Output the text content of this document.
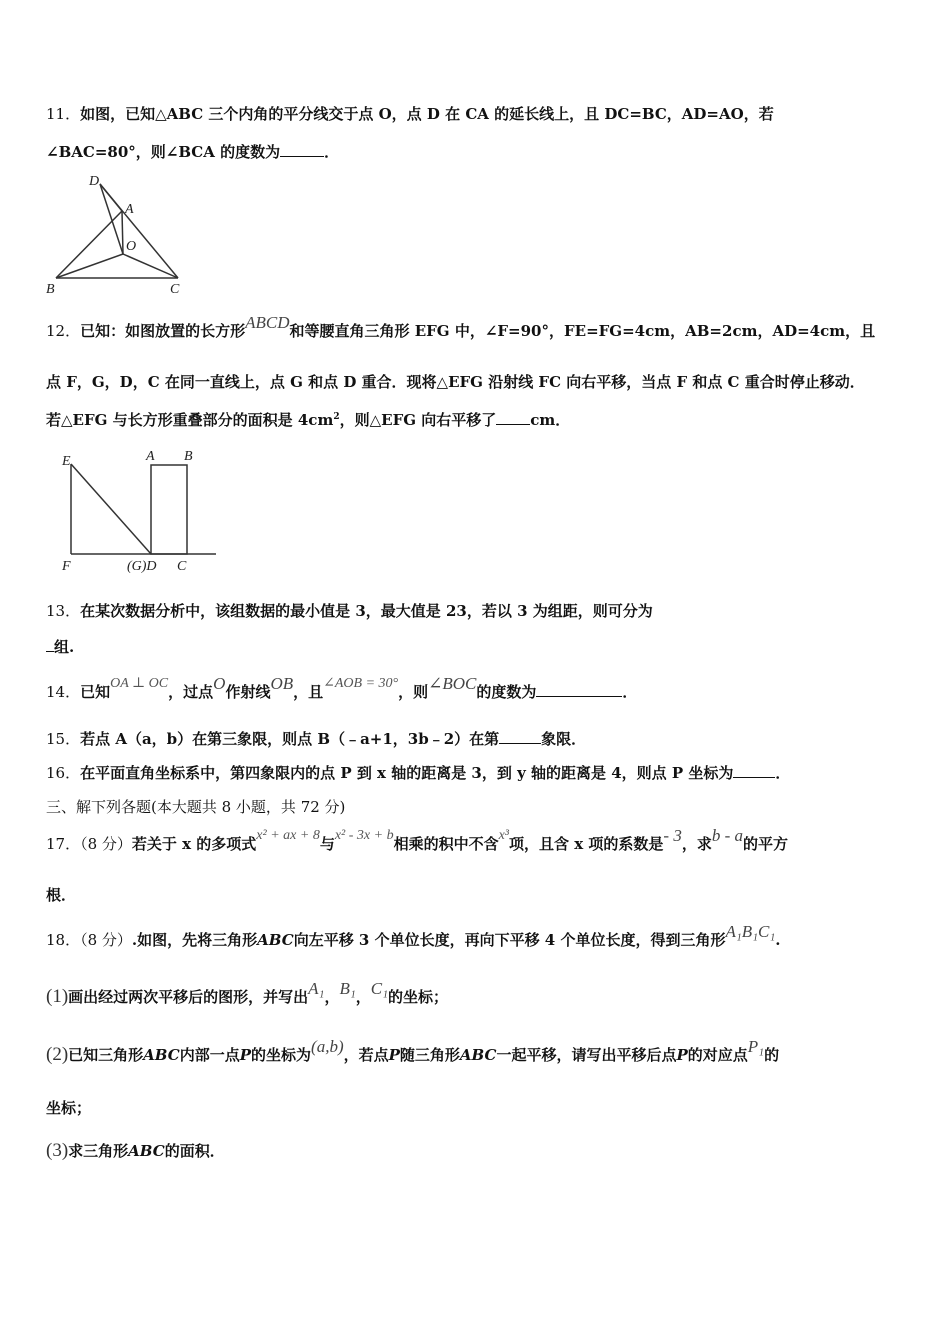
11．如图，已知△ABC 三个内角的平分线交于点 O，点 D 在 CA 的延长线上，且 DC=BC，AD=AO，若
∠BAC=80°，则∠BCA 的度数为	．
D
A
O
B	C
12．已知：如图放置的长方形ABCD和等腰直角三角形 EFG 中，∠F=90°，FE=FG=4cm，AB=2cm，AD=4cm，且
点 F，G，D，C 在同一直线上，点 G 和点 D 重合．现将△EFG 沿射线 FC 向右平移，当点 F 和点 C 重合时停止移动．
若△EFG 与长方形重叠部分的面积是 $4cm^2$，则△EFG 向右平移了 cm．
E	A B
F	(G)D C
13．在某次数据分析中，该组数据的最小值是 3，最大值是 23，若以 3 为组距，则可分为
组.
14．已知OA ⊥ OC，过点O作射线OB，且∠AOB = 30°，则∠BOC的度数为	．
15．若点 A（a，b）在第三象限，则点 B（﹣a+1，3b﹣2）在第	象限．
16．在平面直角坐标系中，第四象限内的点 P 到 x 轴的距离是 3，到 y 轴的距离是 4，则点 P 坐标为	．
三、解下列各题(本大题共 8 小题，共 72 分)
17．（8 分）若关于 x 的多项式x² + ax + 8与x² - 3x + b相乘的积中不含x³项，且含 x 项的系数是- 3，求b - a的平方
根．
18．（8 分）.如图，先将三角形ABC向左平移 3 个单位长度，再向下平移 4 个单位长度，得到三角形A₁B₁C₁.
(1)画出经过两次平移后的图形，并写出A₁，B₁，C₁的坐标；
(2)已知三角形ABC内部一点P的坐标为(a,b)，若点P随三角形ABC一起平移，请写出平移后点P的对应点P₁的
坐标；
(3)求三角形ABC的面积．
